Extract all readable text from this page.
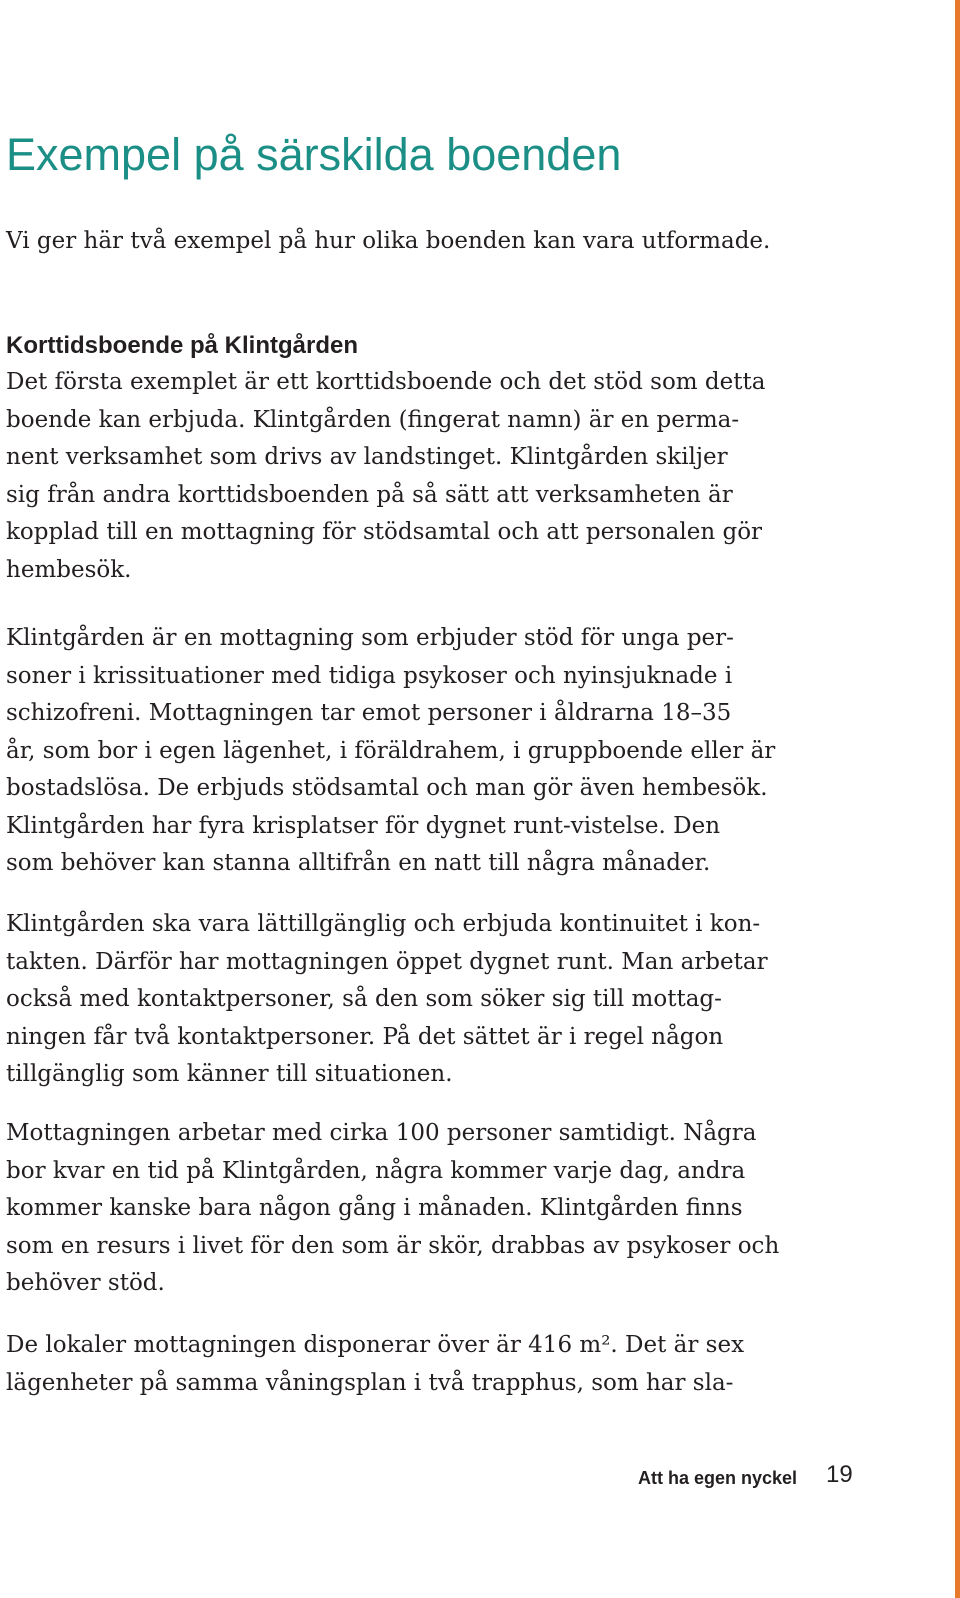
Exempel på särskilda boenden

Vi ger här två exempel på hur olika boenden kan vara utformade.

Korttidsboende på Klintgården

Det första exemplet är ett korttidsboende och det stöd som detta
boende kan erbjuda. Klintgården (fingerat namn) är en perma-
nent verksamhet som drivs av landstinget. Klintgården skiljer
sig från andra korttidsboenden på så sätt att verksamheten är
kopplad till en mottagning för stödsamtal och att personalen gör
hembesök.

Klintgården är en mottagning som erbjuder stöd för unga per-
soner i krissituationer med tidiga psykoser och nyinsjuknade i
schizofreni. Mottagningen tar emot personer i åldrarna 18–35
år, som bor i egen lägenhet, i föräldrahem, i gruppboende eller är
bostadslösa. De erbjuds stödsamtal och man gör även hembesök.
Klintgården har fyra krisplatser för dygnet runt-vistelse. Den
som behöver kan stanna alltifrån en natt till några månader.

Klintgården ska vara lättillgänglig och erbjuda kontinuitet i kon-
takten. Därför har mottagningen öppet dygnet runt. Man arbetar
också med kontaktpersoner, så den som söker sig till mottag-
ningen får två kontaktpersoner. På det sättet är i regel någon
tillgänglig som känner till situationen.

Mottagningen arbetar med cirka 100 personer samtidigt. Några
bor kvar en tid på Klintgården, några kommer varje dag, andra
kommer kanske bara någon gång i månaden. Klintgården finns
som en resurs i livet för den som är skör, drabbas av psykoser och
behöver stöd.

De lokaler mottagningen disponerar över är 416 m². Det är sex
lägenheter på samma våningsplan i två trapphus, som har sla-

Att ha egen nyckel 19
